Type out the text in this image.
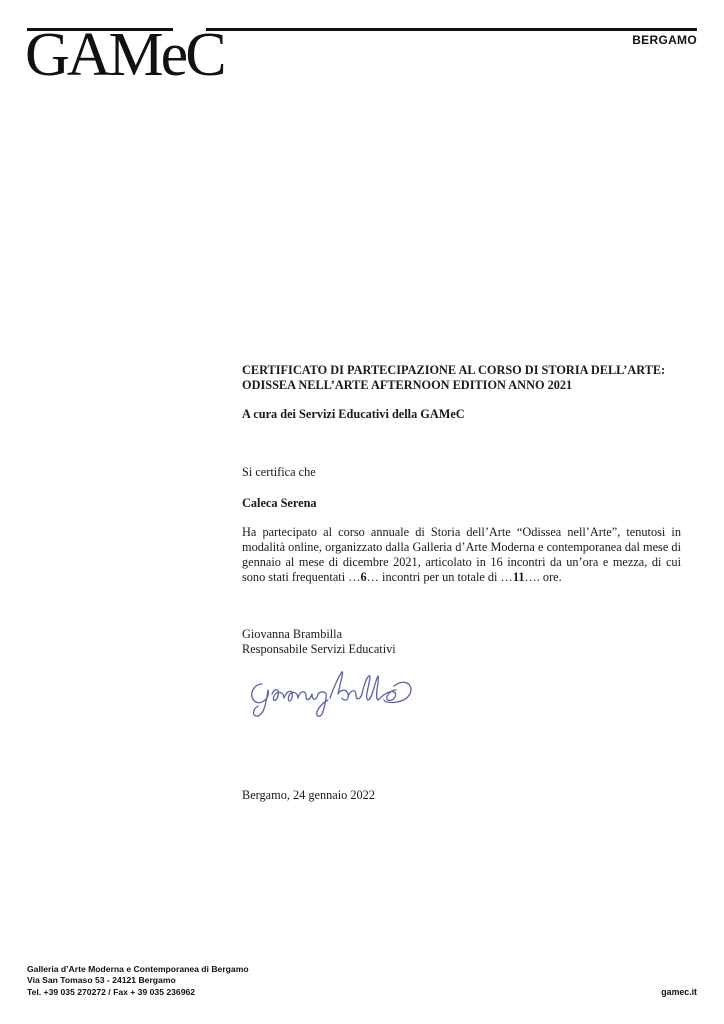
GAMeC	BERGAMO

CERTIFICATO DI PARTECIPAZIONE AL CORSO DI STORIA DELL’ARTE:

ODISSEA NELL’ARTE AFTERNOON EDITION ANNO 2021

A cura dei Servizi Educativi della GAMeC

Si certifica che

Caleca Serena

Ha partecipato al corso annuale di Storia dell’Arte “Odissea nell’Arte”, tenutosi in modalità online, organizzato dalla Galleria d’Arte Moderna e contemporanea dal mese di gennaio al mese di dicembre 2021, articolato in 16 incontri da un’ora e mezza, di cui sono stati frequentati …6… incontri per un totale di …11…. ore.

Giovanna Brambilla

Responsabile Servizi Educativi

Bergamo, 24 gennaio 2022

Galleria d’Arte Moderna e Contemporanea di Bergamo

Via San Tomaso 53 - 24121 Bergamo

Tel. +39 035 270272 / Fax + 39 035 236962	gamec.it
